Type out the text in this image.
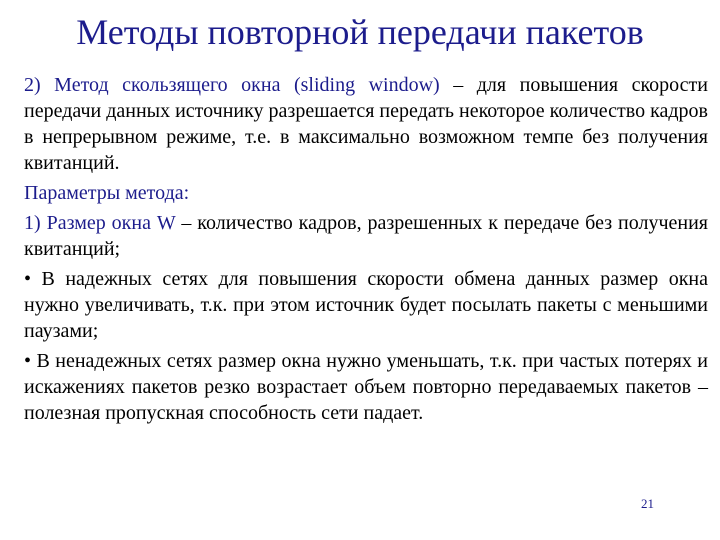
Методы повторной передачи пакетов

2) Метод скользящего окна (sliding window) – для повышения скорости передачи данных источнику разрешается передать некоторое количество кадров в непрерывном режиме, т.е. в максимально возможном темпе без получения квитанций.

Параметры метода:

1) Размер окна W – количество кадров, разрешенных к передаче без получения квитанций;

• В надежных сетях для повышения скорости обмена данных размер окна нужно увеличивать, т.к. при этом источник будет посылать пакеты с меньшими паузами;

• В ненадежных сетях размер окна нужно уменьшать, т.к. при частых потерях и искажениях пакетов резко возрастает объем повторно передаваемых пакетов – полезная пропускная способность сети падает.

21
